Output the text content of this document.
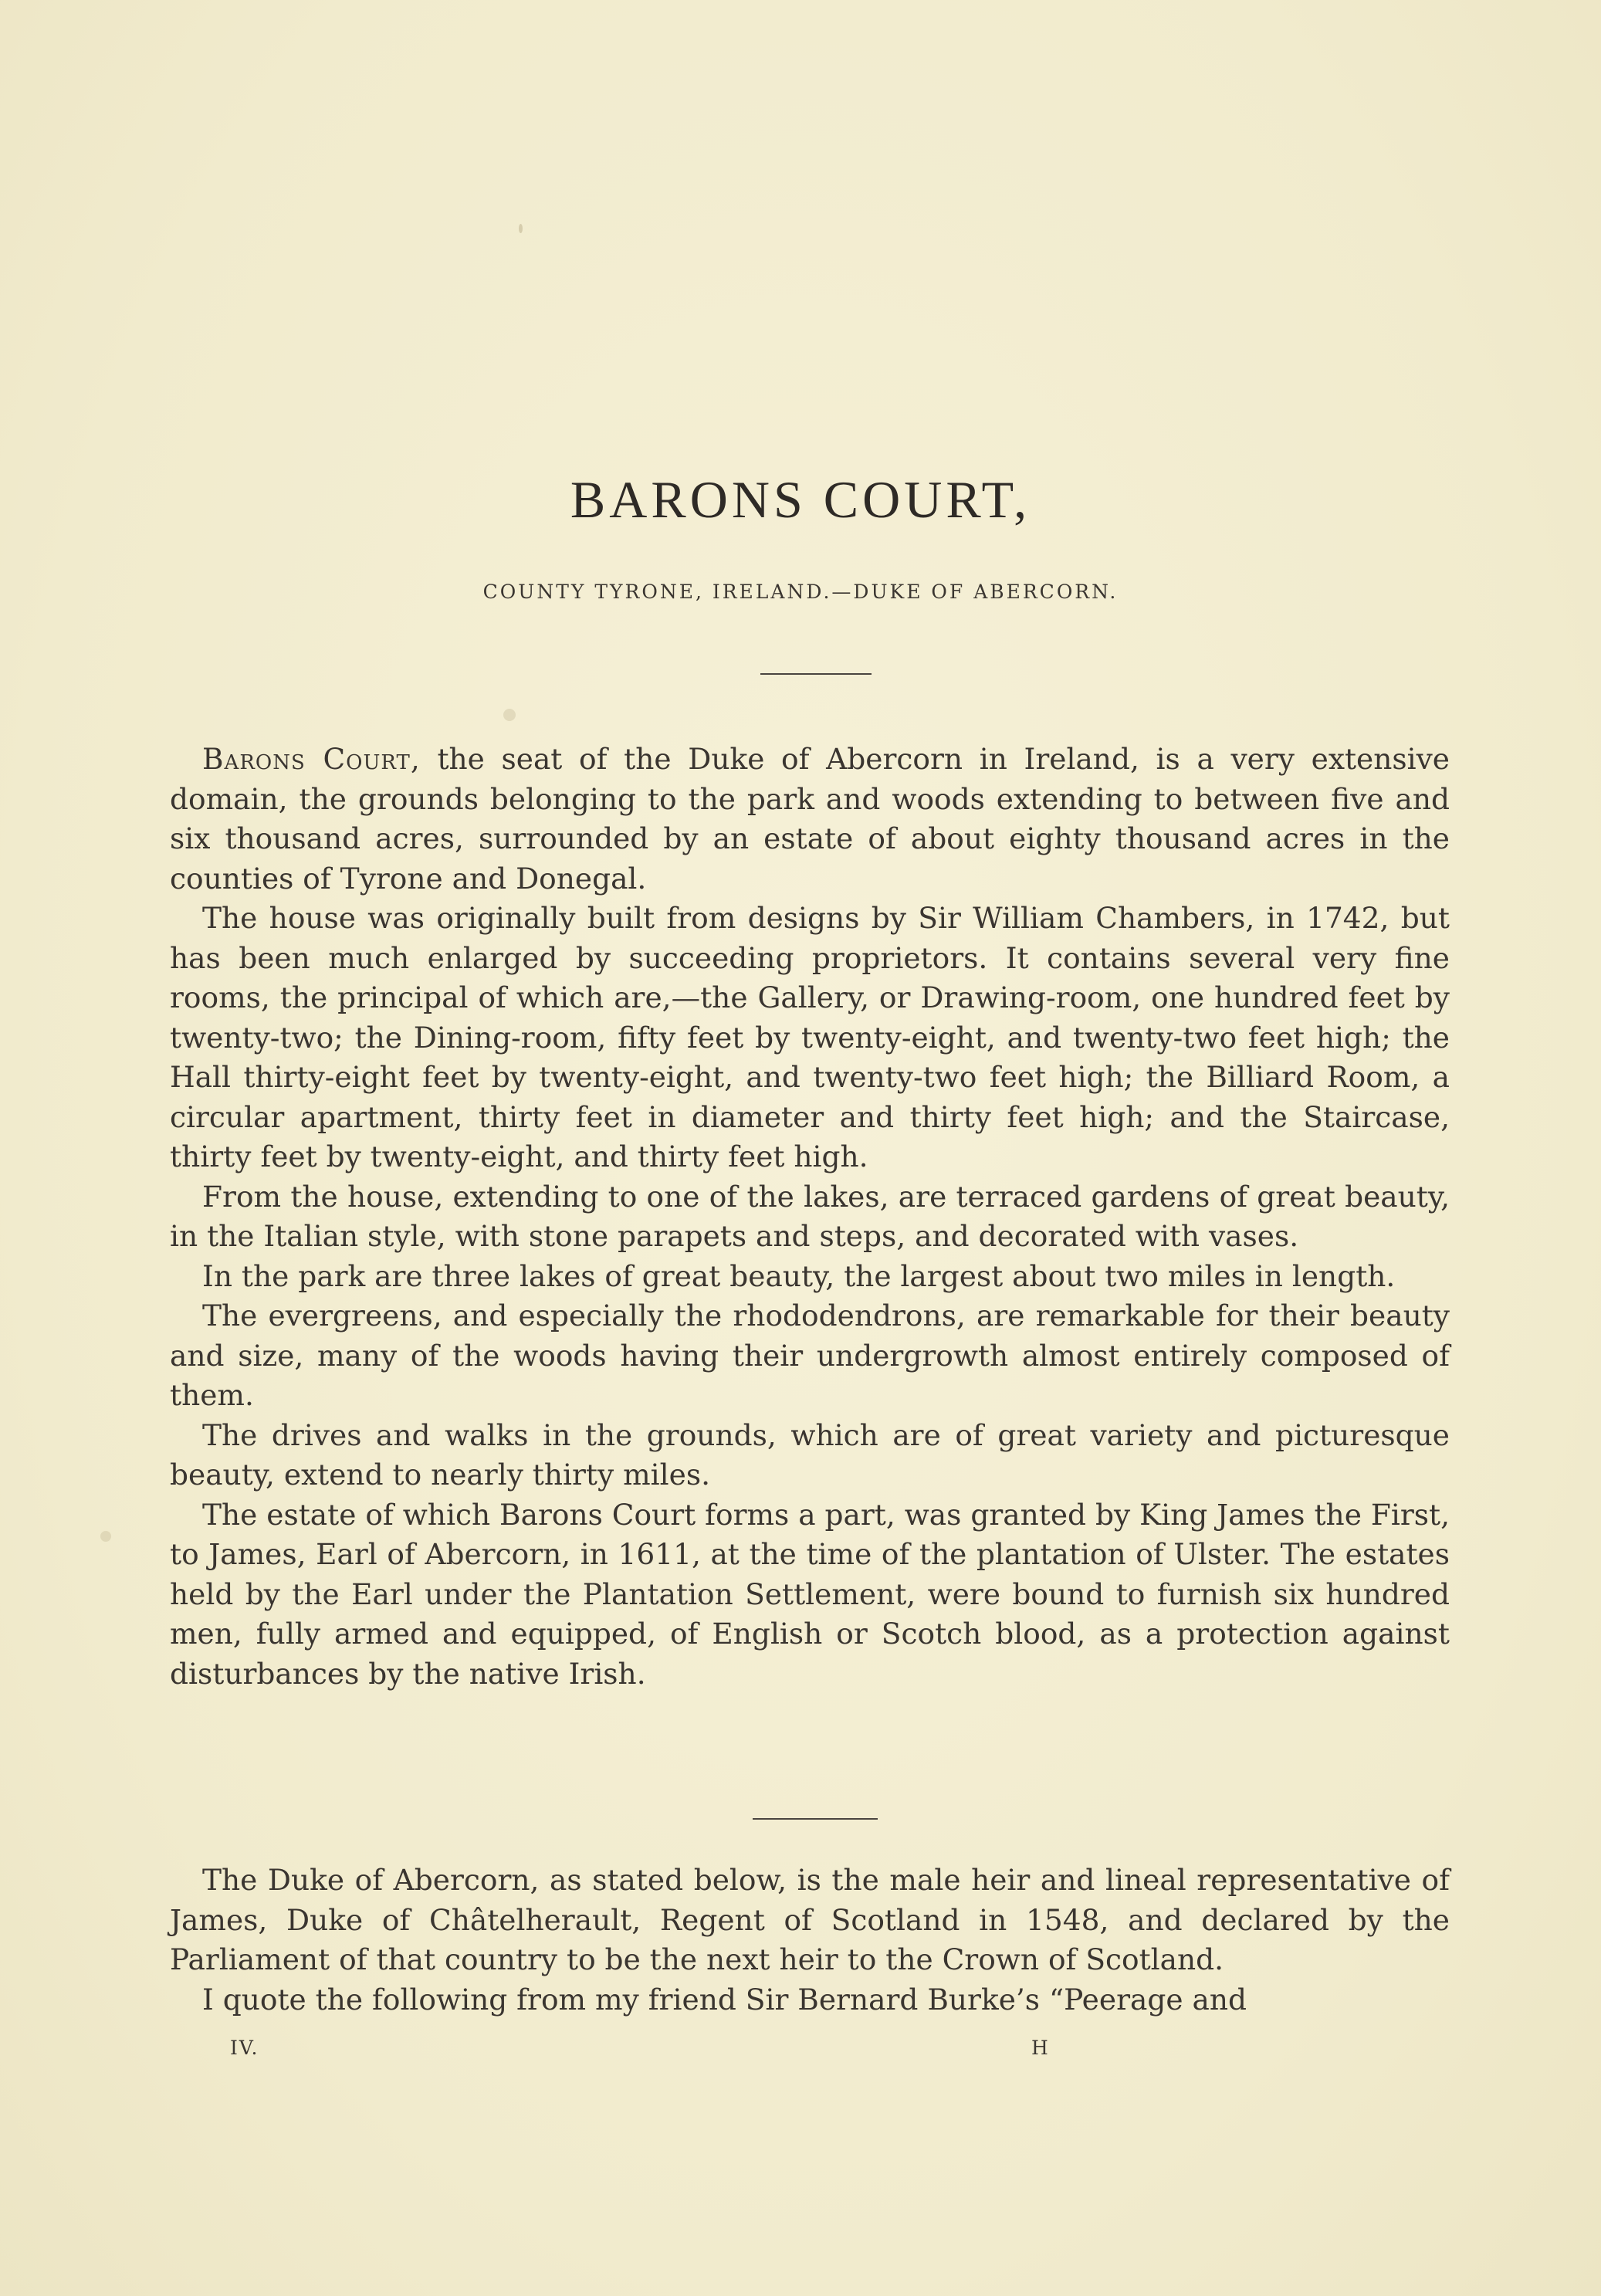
BARONS COURT,
COUNTY TYRONE, IRELAND.—DUKE OF ABERCORN.

Barons Court, the seat of the Duke of Abercorn in Ireland, is a very extensive domain, the grounds belonging to the park and woods extending to between five and six thousand acres, surrounded by an estate of about eighty thousand acres in the counties of Tyrone and Donegal.

The house was originally built from designs by Sir William Chambers, in 1742, but has been much enlarged by succeeding proprietors. It contains several very fine rooms, the principal of which are,—the Gallery, or Drawing-room, one hundred feet by twenty-two; the Dining-room, fifty feet by twenty-eight, and twenty-two feet high; the Hall thirty-eight feet by twenty-eight, and twenty-two feet high; the Billiard Room, a circular apartment, thirty feet in diameter and thirty feet high; and the Staircase, thirty feet by twenty-eight, and thirty feet high.

From the house, extending to one of the lakes, are terraced gardens of great beauty, in the Italian style, with stone parapets and steps, and decorated with vases.

In the park are three lakes of great beauty, the largest about two miles in length.

The evergreens, and especially the rhododendrons, are remarkable for their beauty and size, many of the woods having their undergrowth almost entirely composed of them.

The drives and walks in the grounds, which are of great variety and picturesque beauty, extend to nearly thirty miles.

The estate of which Barons Court forms a part, was granted by King James the First, to James, Earl of Abercorn, in 1611, at the time of the plantation of Ulster. The estates held by the Earl under the Plantation Settlement, were bound to furnish six hundred men, fully armed and equipped, of English or Scotch blood, as a protection against disturbances by the native Irish.

The Duke of Abercorn, as stated below, is the male heir and lineal representative of James, Duke of Châtelherault, Regent of Scotland in 1548, and declared by the Parliament of that country to be the next heir to the Crown of Scotland.

I quote the following from my friend Sir Bernard Burke’s “Peerage and

IV.	H
